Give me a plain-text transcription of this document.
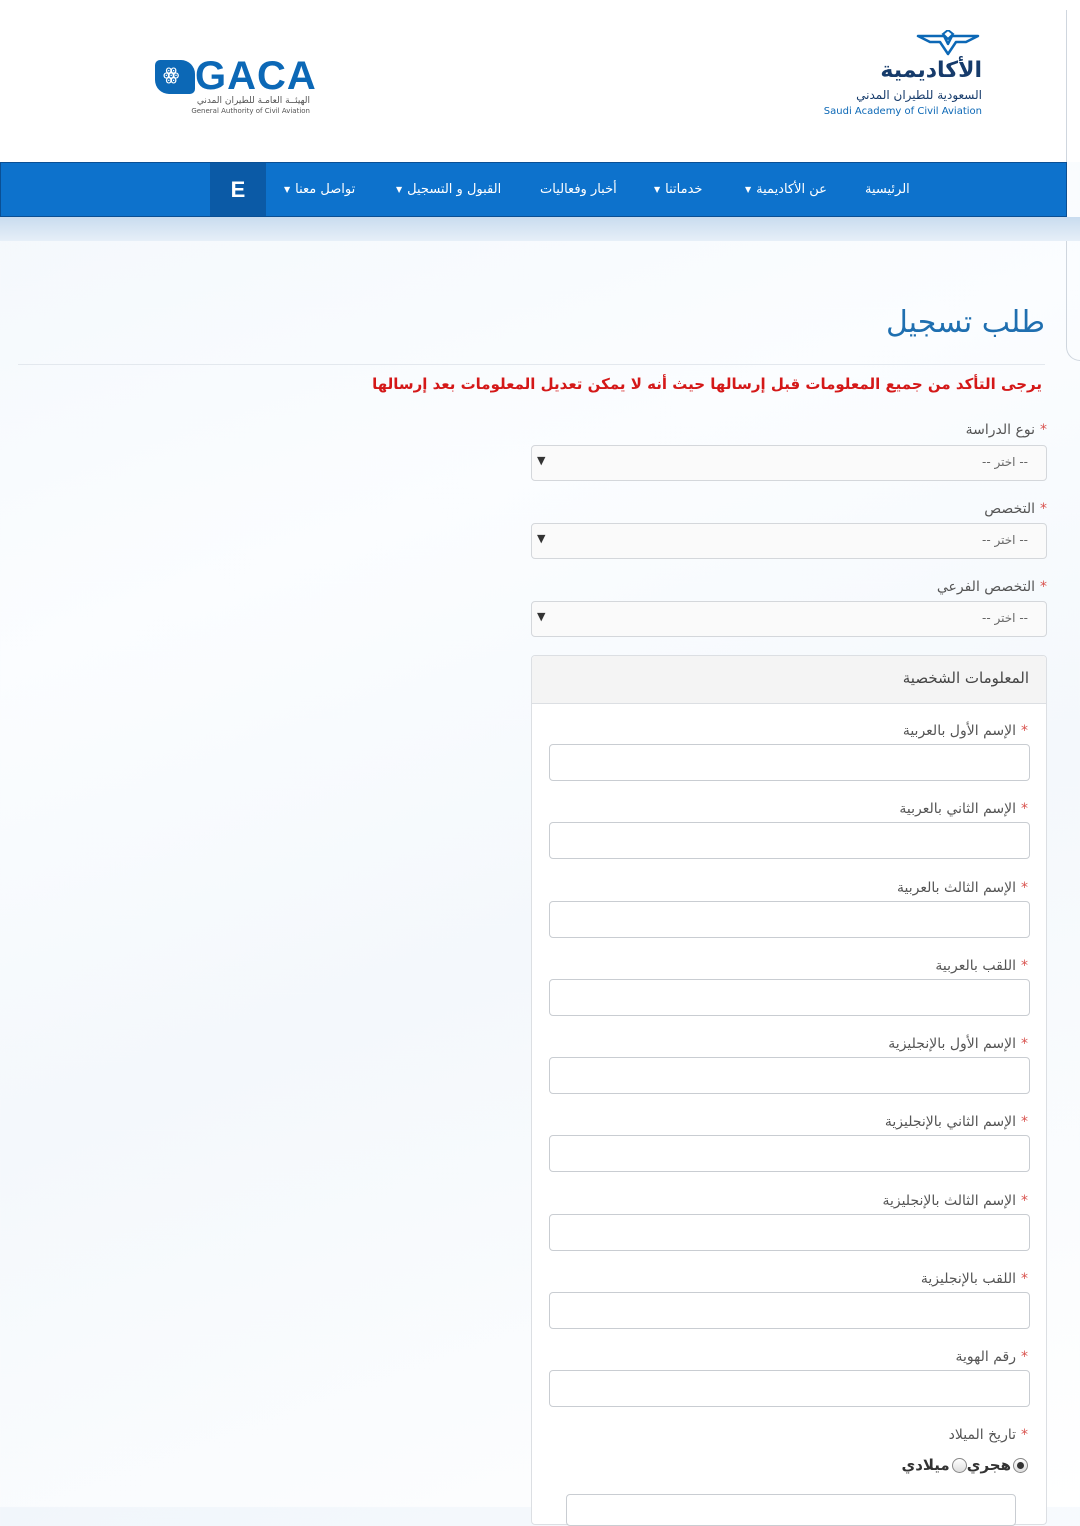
ꙮ GACA
الهيئــة العامـة للطيران المدني
General Authority of Civil Aviation
الأكاديمية
السعودية للطيران المدني
Saudi Academy of Civil Aviation
الرئيسية
عن الأكاديمية▼
خدماتنا▼
أخبار وفعاليات
القبول و التسجيل▼
تواصل معنا▼
E
طلب تسجيل
يرجى التأكد من جميع المعلومات قبل إرسالها حيث أنه لا يمكن تعديل المعلومات بعد إرسالها
*نوع الدراسة
-- اختر --
▼
*التخصص
-- اختر --
▼
*التخصص الفرعي
-- اختر --
▼
المعلومات الشخصية
*الإسم الأول بالعربية
*الإسم الثاني بالعربية
*الإسم الثالث بالعربية
*اللقب بالعربية
*الإسم الأول بالإنجليزية
*الإسم الثاني بالإنجليزية
*الإسم الثالث بالإنجليزية
*اللقب بالإنجليزية
*رقم الهوية
*تاريخ الميلاد
هجريميلادي
